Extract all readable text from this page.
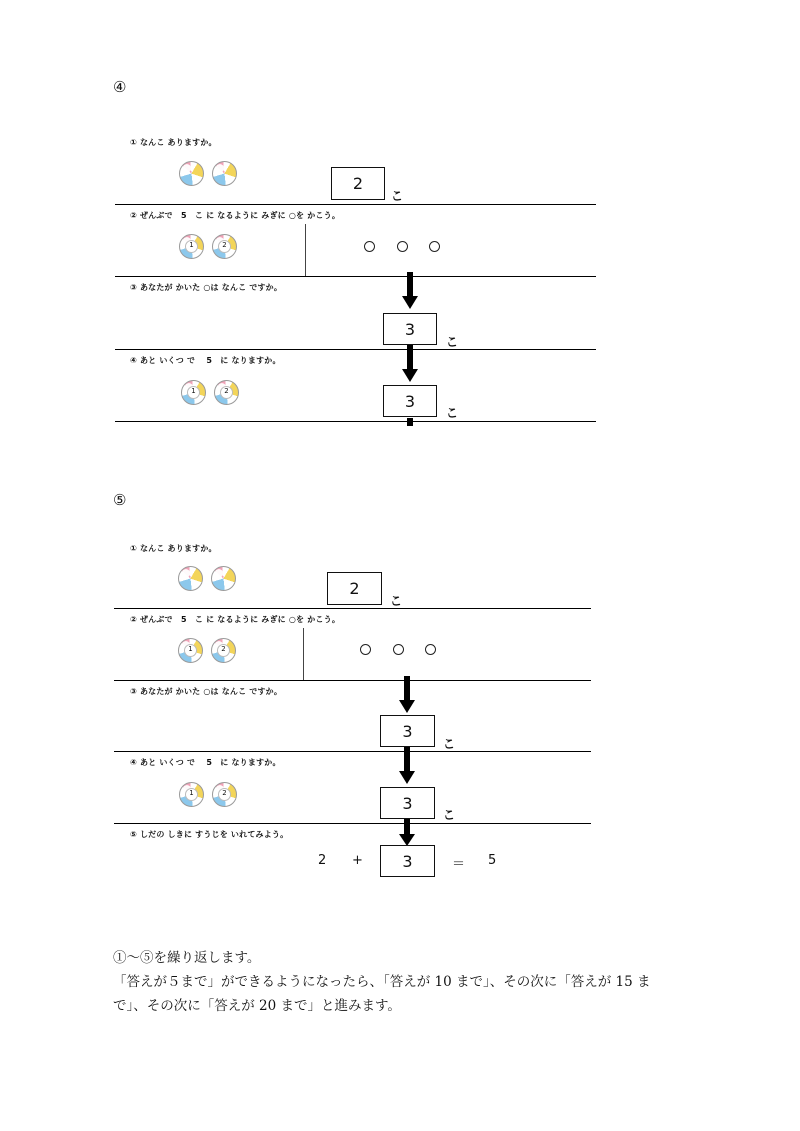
④
① なんこ ありますか。
2
こ
② ぜんぶで　5　こ に なるように みぎに ○を かこう。
1	2
③ あなたが かいた ○は なんこ ですか。
3
こ
④ あと いくつ で　 5　に なりますか。
1	2
3
こ
⑤
① なんこ ありますか。
2
こ
② ぜんぶで　5　こ に なるように みぎに ○を かこう。
1	2
③ あなたが かいた ○は なんこ ですか。
3
こ
④ あと いくつ で　 5　に なりますか。
1	2
3
こ
⑤ しだの しきに すうじを いれてみよう。
2 +	3	＝ 5
①〜⑤を繰り返します。
「答えが５まで」ができるようになったら、「答えが 10 まで」、その次に「答えが 15 ま
で」、その次に「答えが 20 まで」と進みます。
